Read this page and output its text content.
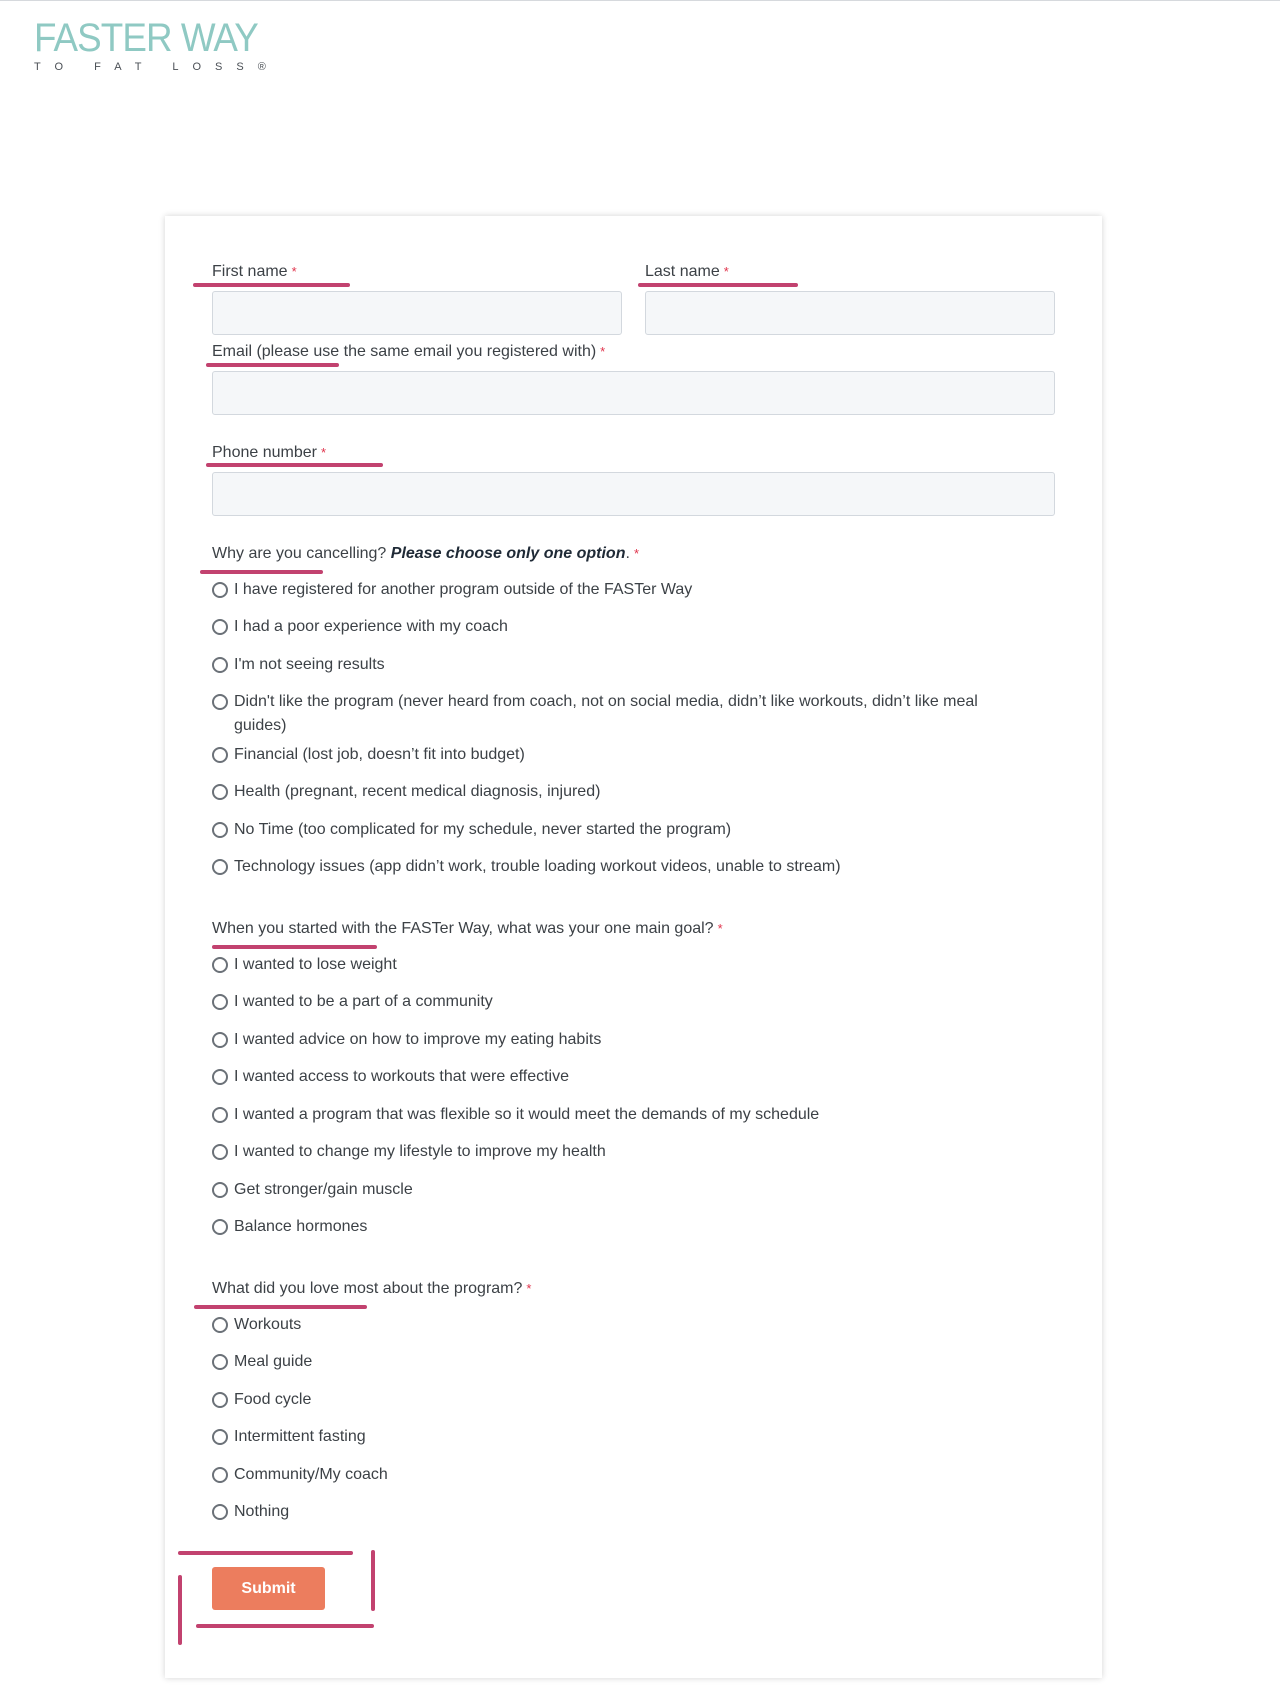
FASTER WAY
TO FAT LOSS®
First name *	Last name *
Email (please use the same email you registered with) *
Phone number *
Why are you cancelling? Please choose only one option. *
I have registered for another program outside of the FASTer Way
I had a poor experience with my coach
I'm not seeing results
Didn't like the program (never heard from coach, not on social media, didn’t like workouts, didn’t like meal guides)
Financial (lost job, doesn’t fit into budget)
Health (pregnant, recent medical diagnosis, injured)
No Time (too complicated for my schedule, never started the program)
Technology issues (app didn’t work, trouble loading workout videos, unable to stream)
When you started with the FASTer Way, what was your one main goal? *
I wanted to lose weight
I wanted to be a part of a community
I wanted advice on how to improve my eating habits
I wanted access to workouts that were effective
I wanted a program that was flexible so it would meet the demands of my schedule
I wanted to change my lifestyle to improve my health
Get stronger/gain muscle
Balance hormones
What did you love most about the program? *
Workouts
Meal guide
Food cycle
Intermittent fasting
Community/My coach
Nothing
Submit
